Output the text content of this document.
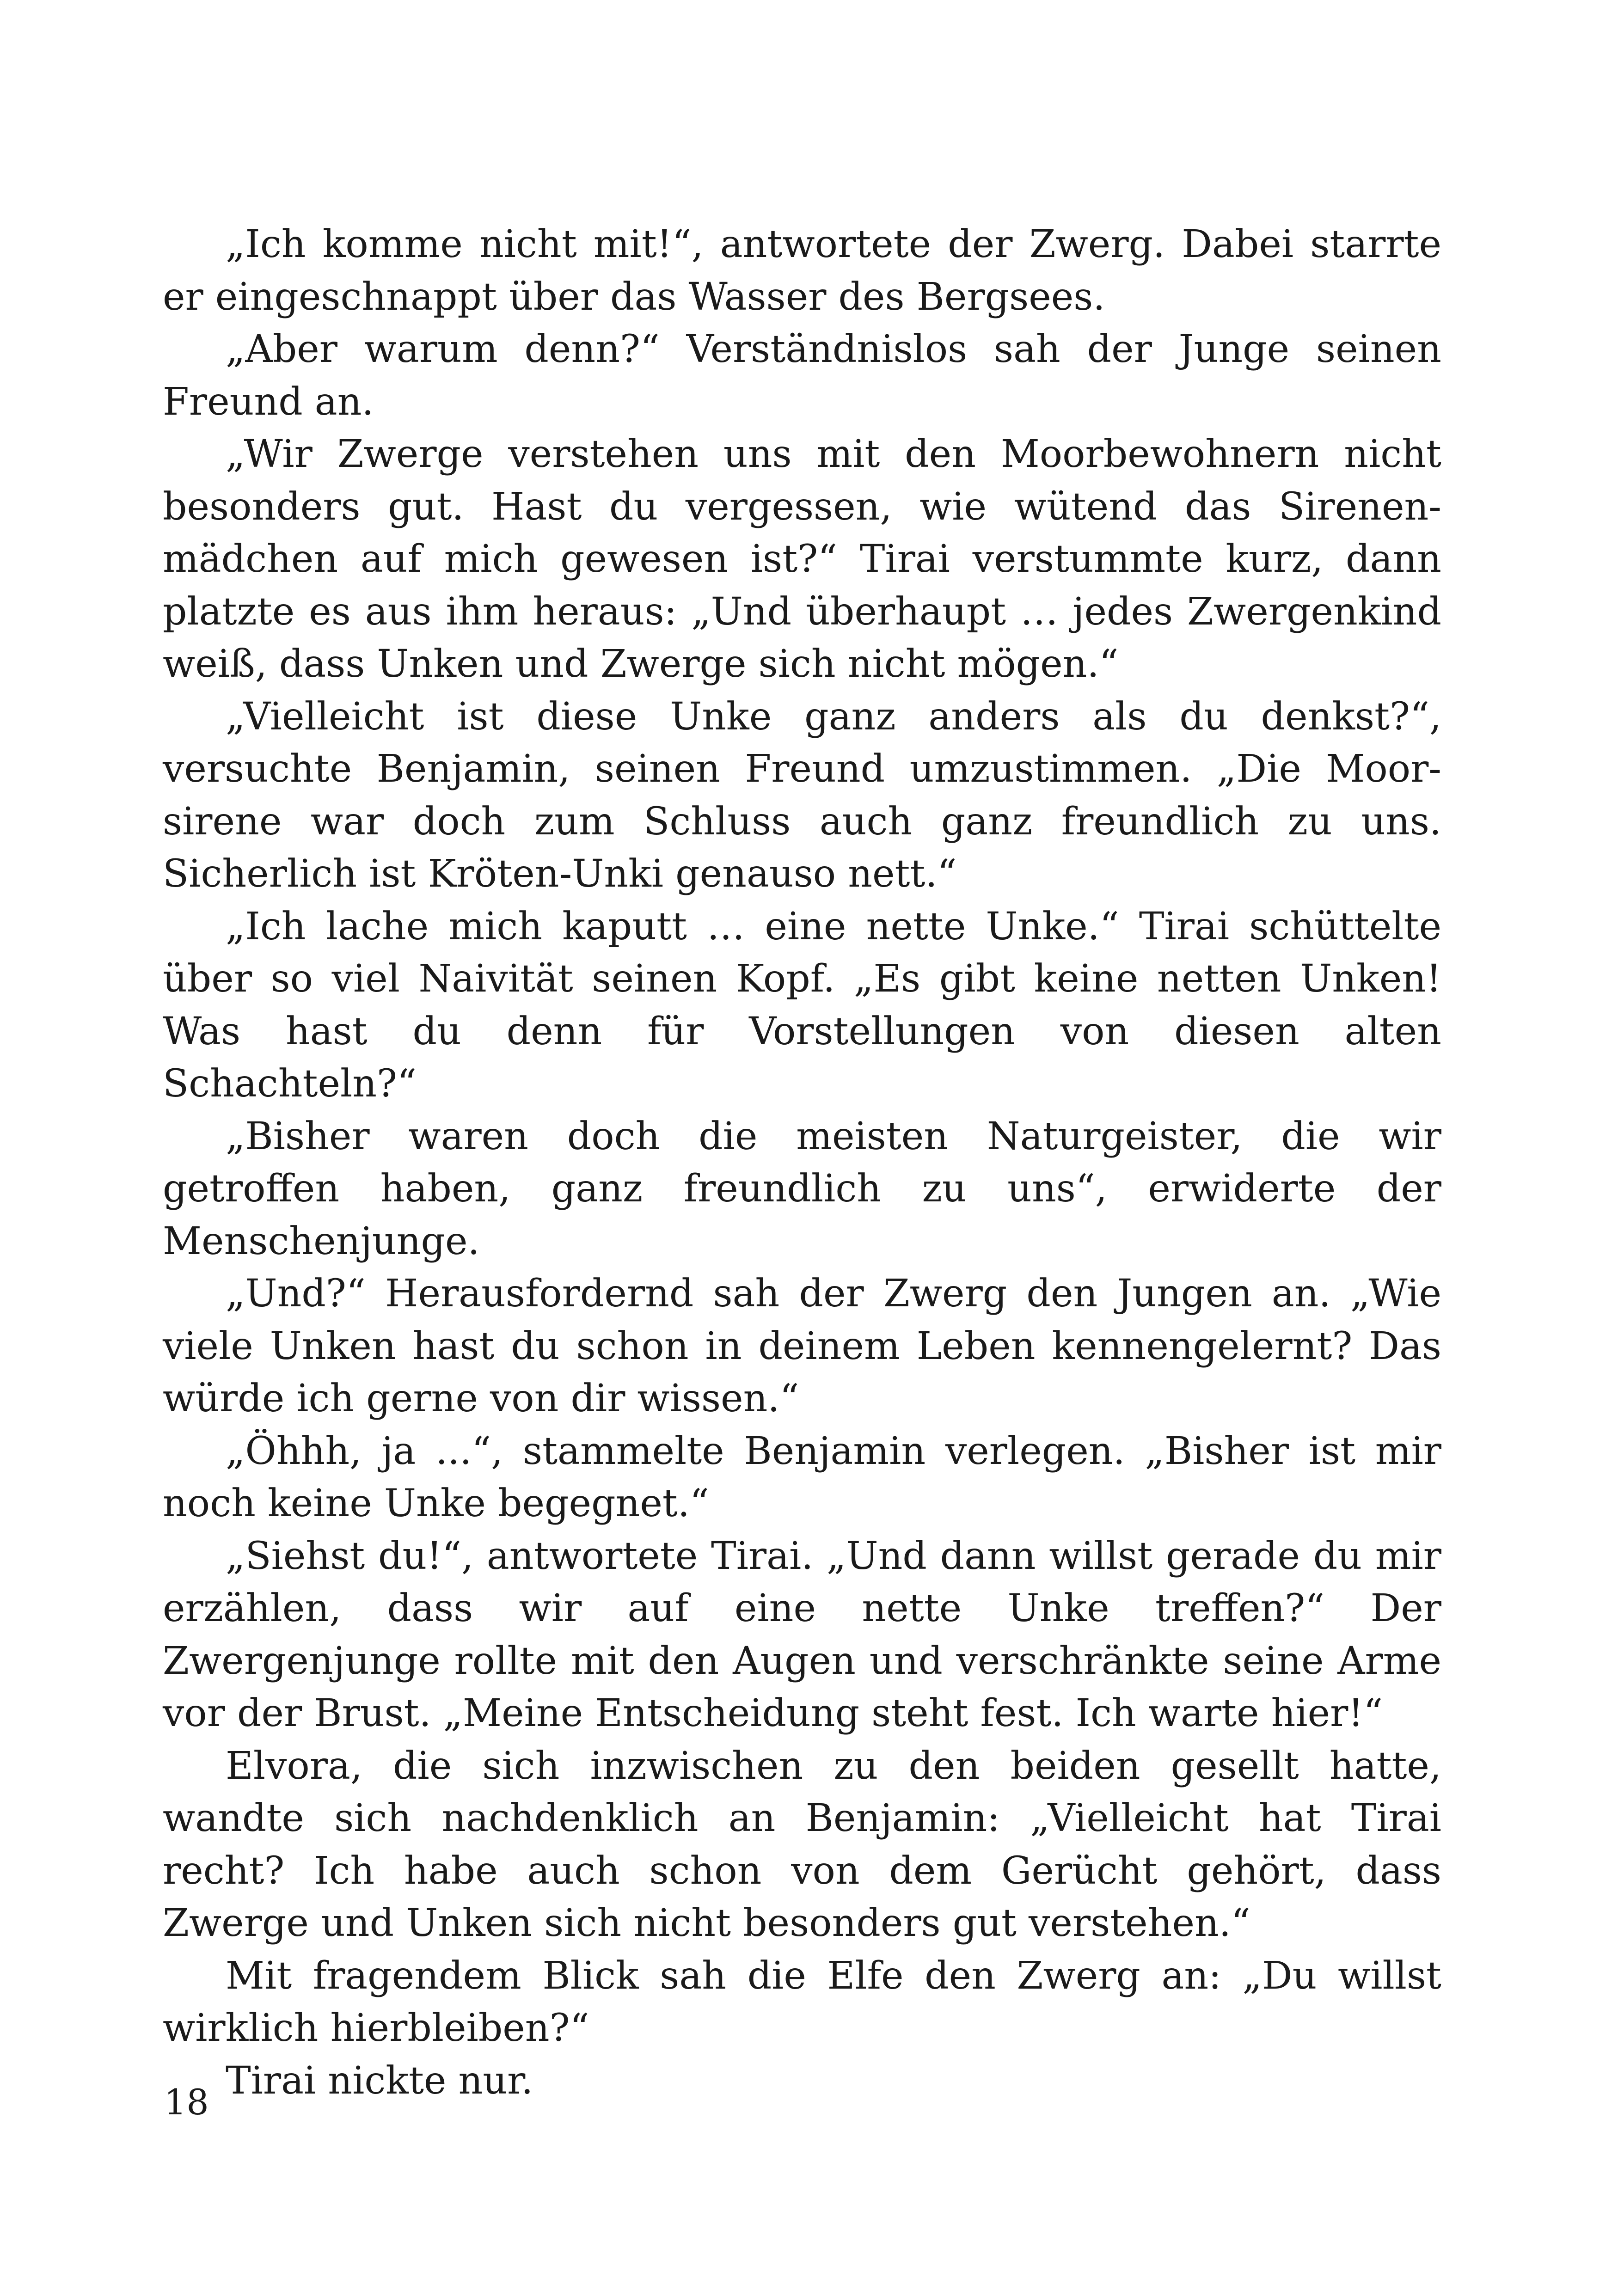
„Ich komme nicht mit!“, antwortete der Zwerg. Dabei starrte er eingeschnappt über das Wasser des Bergsees.

„Aber warum denn?“ Verständnislos sah der Junge seinen Freund an.

„Wir Zwerge verstehen uns mit den Moorbewohnern nicht besonders gut. Hast du vergessen, wie wütend das Sirenenmädchen auf mich gewesen ist?“ Tirai verstummte kurz, dann platzte es aus ihm heraus: „Und überhaupt … jedes Zwergenkind weiß, dass Unken und Zwerge sich nicht mögen.“

„Vielleicht ist diese Unke ganz anders als du denkst?“, versuchte Benjamin, seinen Freund umzustimmen. „Die Moorsirene war doch zum Schluss auch ganz freundlich zu uns. Sicherlich ist Kröten-Unki genauso nett.“

„Ich lache mich kaputt … eine nette Unke.“ Tirai schüttelte über so viel Naivität seinen Kopf. „Es gibt keine netten Unken! Was hast du denn für Vorstellungen von diesen alten Schachteln?“

„Bisher waren doch die meisten Naturgeister, die wir getroffen haben, ganz freundlich zu uns“, erwiderte der Menschenjunge.

„Und?“ Herausfordernd sah der Zwerg den Jungen an. „Wie viele Unken hast du schon in deinem Leben kennengelernt? Das würde ich gerne von dir wissen.“

„Öhhh, ja ...“, stammelte Benjamin verlegen. „Bisher ist mir noch keine Unke begegnet.“

„Siehst du!“, antwortete Tirai. „Und dann willst gerade du mir erzählen, dass wir auf eine nette Unke treffen?“ Der Zwergenjunge rollte mit den Augen und verschränkte seine Arme vor der Brust. „Meine Entscheidung steht fest. Ich warte hier!“

Elvora, die sich inzwischen zu den beiden gesellt hatte, wandte sich nachdenklich an Benjamin: „Vielleicht hat Tirai recht? Ich habe auch schon von dem Gerücht gehört, dass Zwerge und Unken sich nicht besonders gut verstehen.“

Mit fragendem Blick sah die Elfe den Zwerg an: „Du willst wirklich hierbleiben?“

Tirai nickte nur.

18
